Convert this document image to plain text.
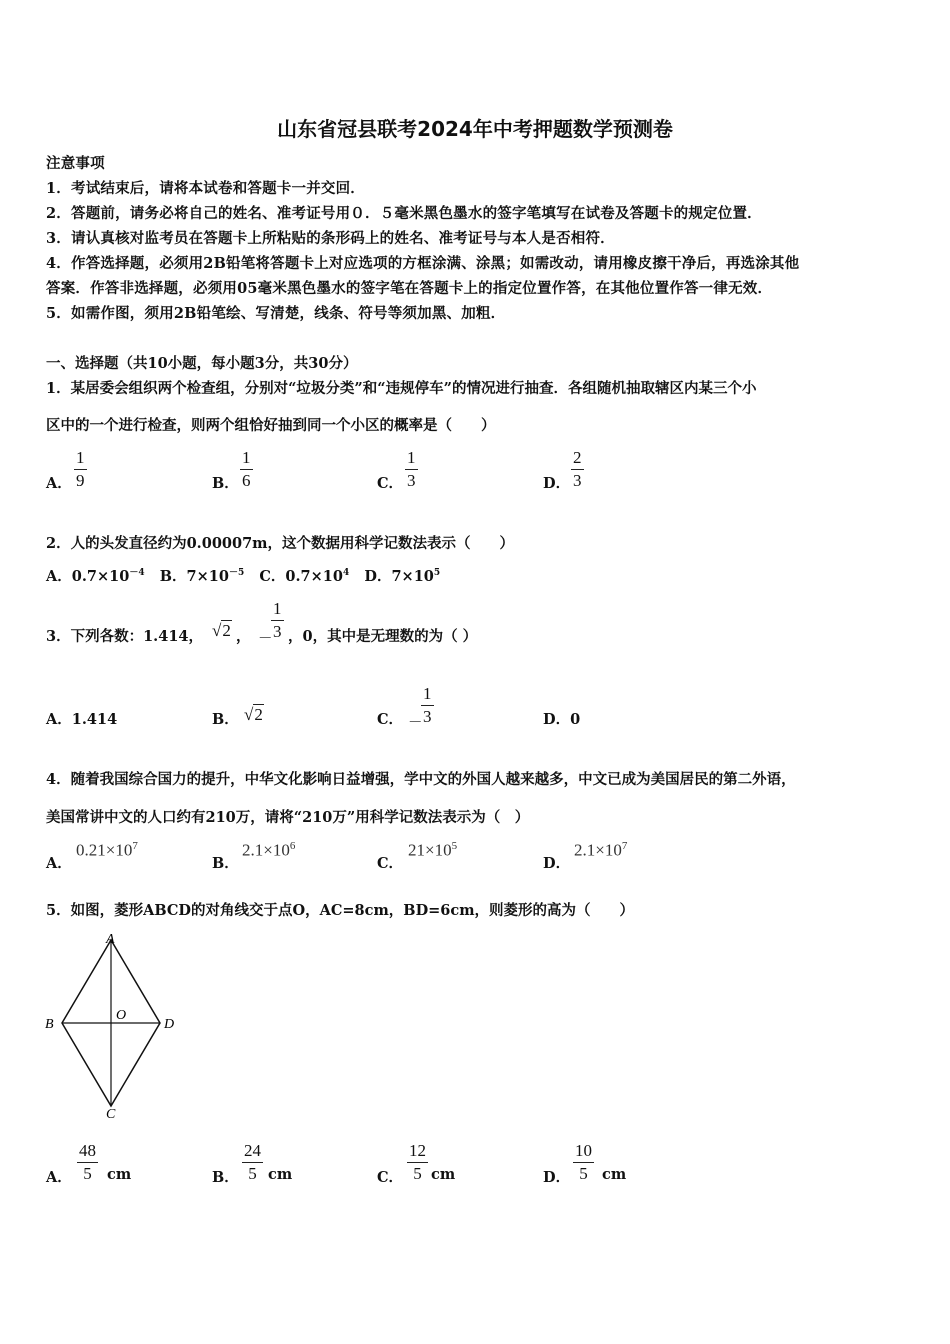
山东省冠县联考2024年中考押题数学预测卷
注意事项
1．考试结束后，请将本试卷和答题卡一并交回．
2．答题前，请务必将自己的姓名、准考证号用０．５毫米黑色墨水的签字笔填写在试卷及答题卡的规定位置．
3．请认真核对监考员在答题卡上所粘贴的条形码上的姓名、准考证号与本人是否相符．
4．作答选择题，必须用2B铅笔将答题卡上对应选项的方框涂满、涂黑；如需改动，请用橡皮擦干净后，再选涂其他
答案．作答非选择题，必须用05毫米黑色墨水的签字笔在答题卡上的指定位置作答，在其他位置作答一律无效．
5．如需作图，须用2B铅笔绘、写清楚，线条、符号等须加黑、加粗．
一、选择题（共10小题，每小题3分，共30分）
1．某居委会组织两个检查组，分别对“垃圾分类”和“违规停车”的情况进行抽查．各组随机抽取辖区内某三个小
区中的一个进行检查，则两个组恰好抽到同一个小区的概率是（　　）
A．
1
9	B．
1
6	C．
1
3	D．
2
3
2．人的头发直径约为0.00007m，这个数据用科学记数法表示（　　）
A．$0.7\times 10^{-4}$ B．$7\times 10^{-5}$ C．$0.7\times 10^4$ D．$7\times 10^5$
3．下列各数：1.414， √2 ， －
1
3 ，0，其中是无理数的为（ ）
A．1.414	B． √2	C． －
1
3	D．0
4．随着我国综合国力的提升，中华文化影响日益增强，学中文的外国人越来越多，中文已成为美国居民的第二外语，
美国常讲中文的人口约有210万，请将“210万”用科学记数法表示为（　）
A．
$0.21\times 10^7$
B．
$2.1\times 10^6$
C．
$21\times 10^5$
D．
$2.1\times 10^7$
5．如图，菱形ABCD的对角线交于点O，AC=8cm，BD=6cm，则菱形的高为（　　）
A
B	D
C
O
A．
48
5	cm	B．
24
5 cm	C．
12
5 cm	D．
10
5 cm
